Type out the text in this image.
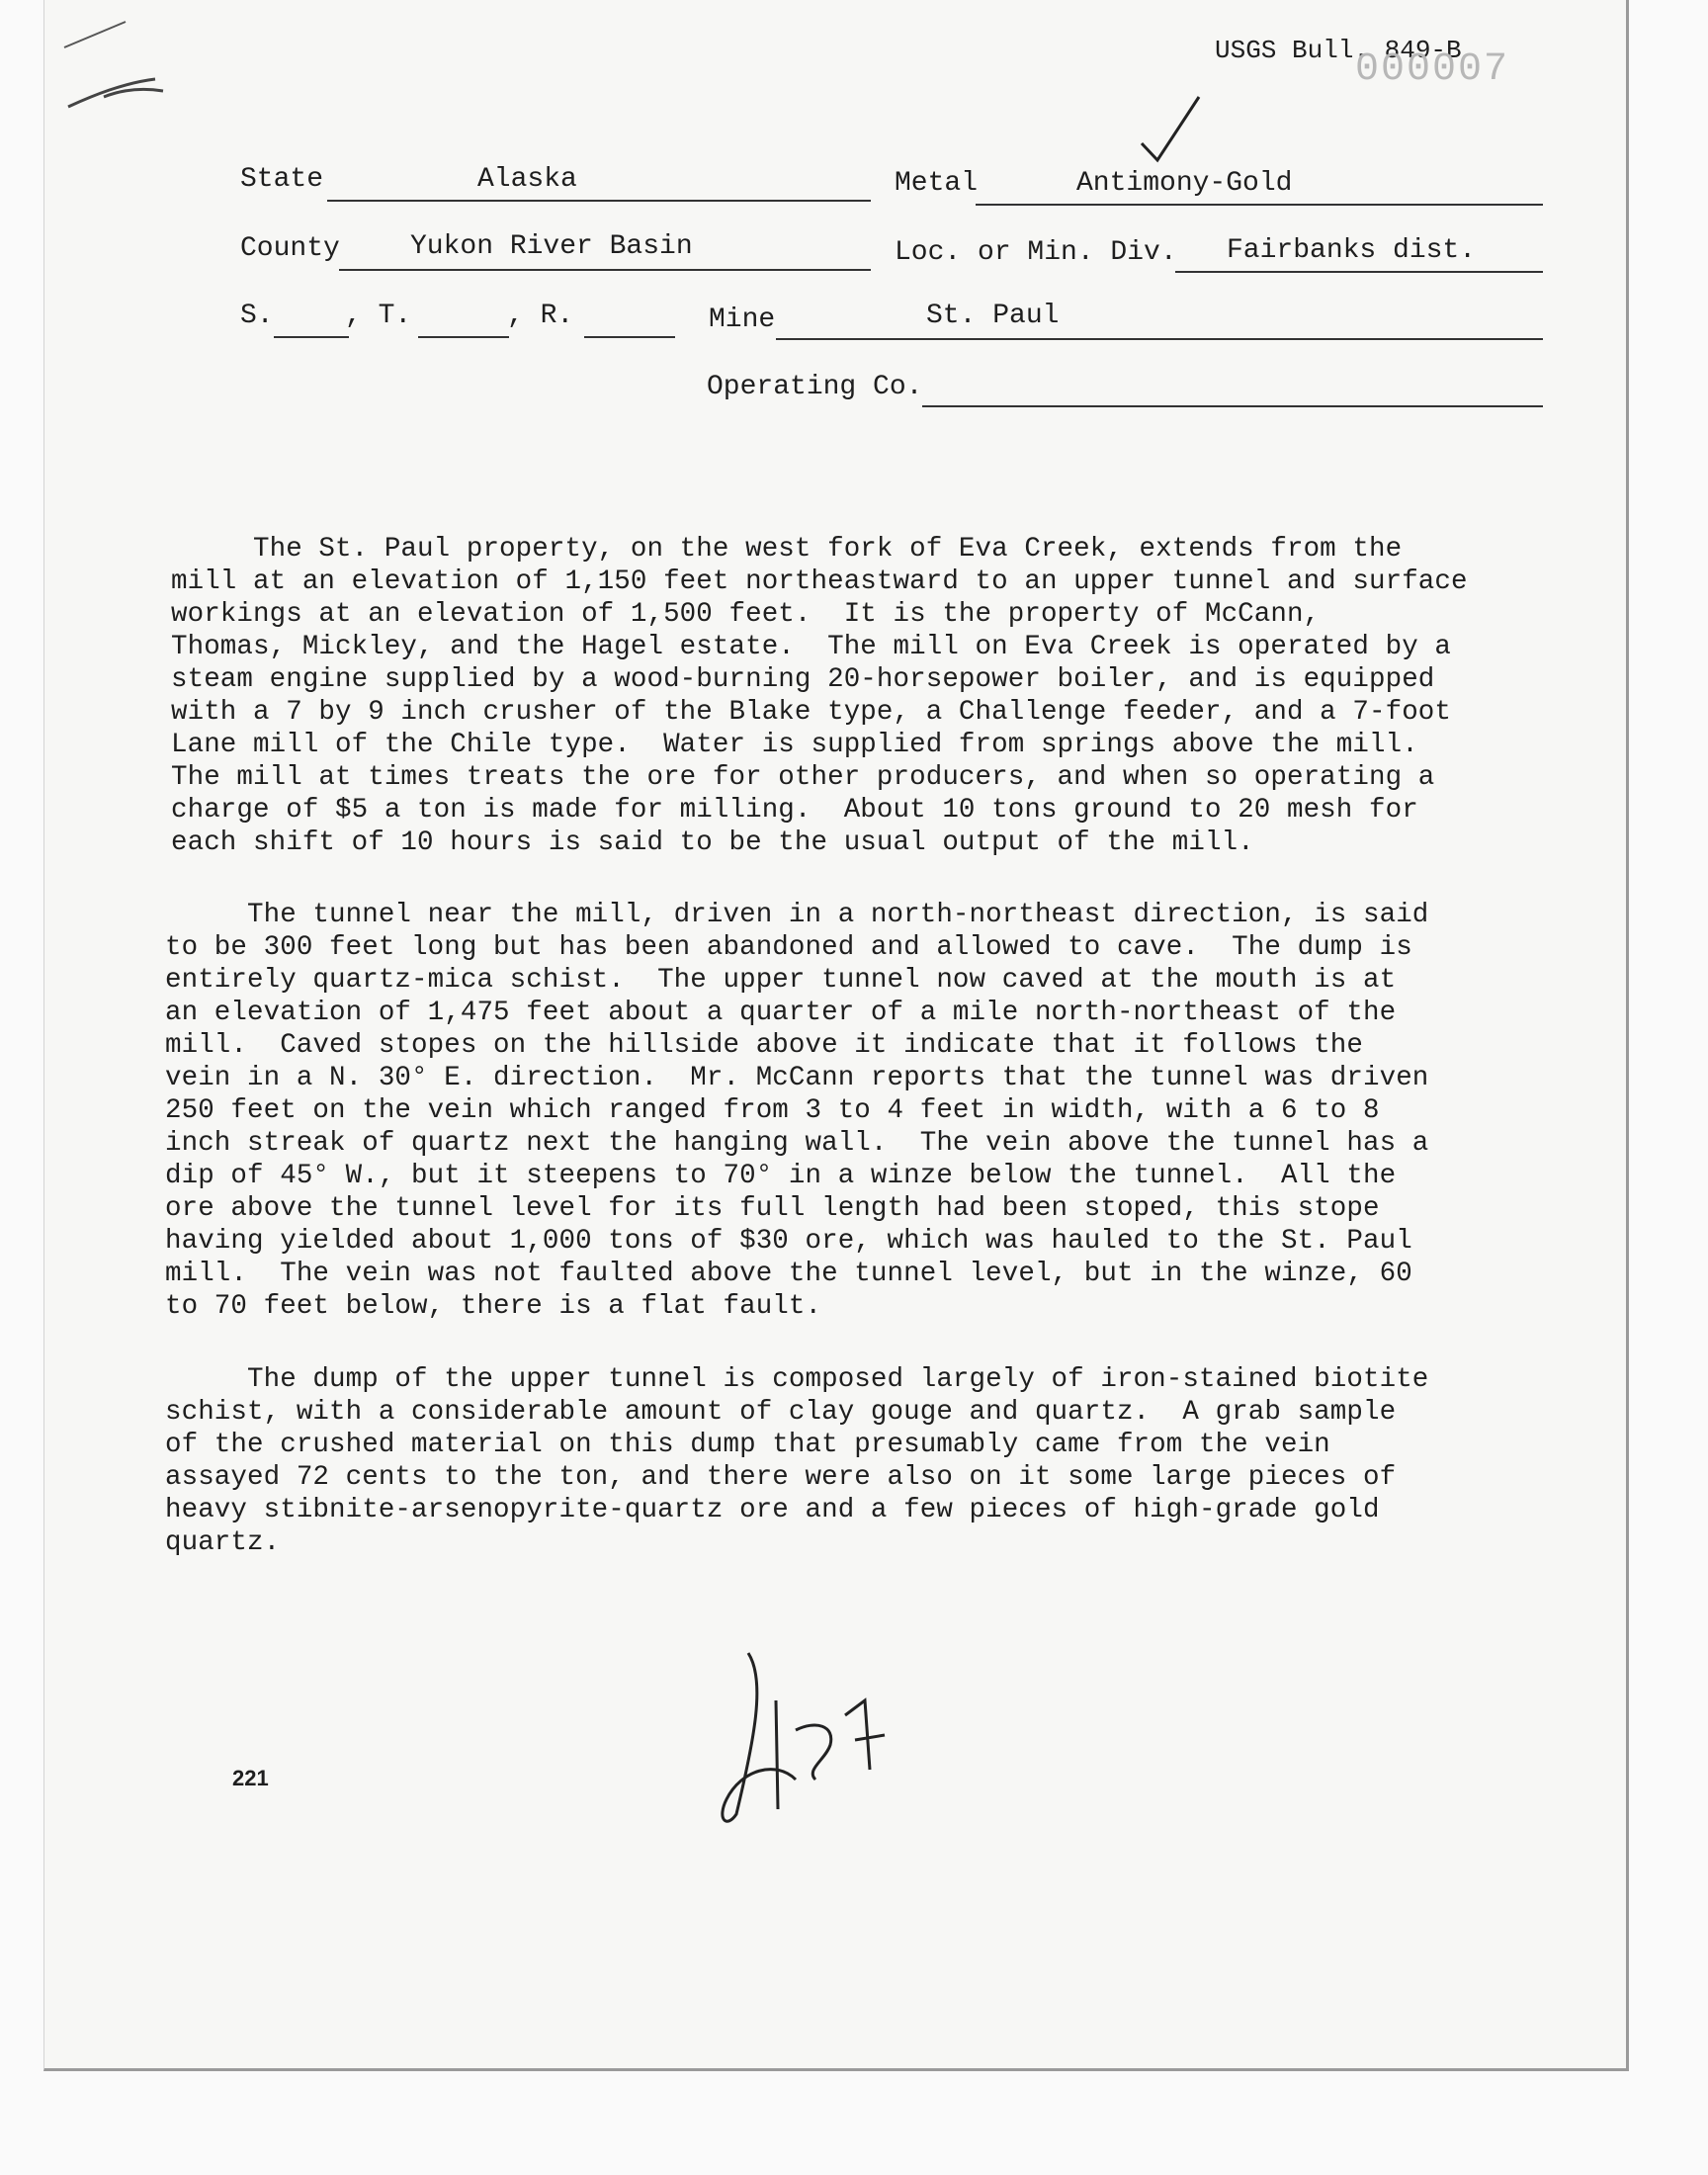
USGS Bull. 849-B
000007
State	Alaska	Metal	Antimony-Gold
County	Yukon River Basin	Loc. or Min. Div. Fairbanks dist.
S.	, T.	, R.	Mine	St. Paul
Operating Co.
The St. Paul property, on the west fork of Eva Creek, extends from the
mill at an elevation of 1,150 feet northeastward to an upper tunnel and surface
workings at an elevation of 1,500 feet.  It is the property of McCann,
Thomas, Mickley, and the Hagel estate.  The mill on Eva Creek is operated by a
steam engine supplied by a wood-burning 20-horsepower boiler, and is equipped
with a 7 by 9 inch crusher of the Blake type, a Challenge feeder, and a 7-foot
Lane mill of the Chile type.  Water is supplied from springs above the mill.
The mill at times treats the ore for other producers, and when so operating a
charge of $5 a ton is made for milling.  About 10 tons ground to 20 mesh for
each shift of 10 hours is said to be the usual output of the mill.
The tunnel near the mill, driven in a north-northeast direction, is said
to be 300 feet long but has been abandoned and allowed to cave.  The dump is
entirely quartz-mica schist.  The upper tunnel now caved at the mouth is at
an elevation of 1,475 feet about a quarter of a mile north-northeast of the
mill.  Caved stopes on the hillside above it indicate that it follows the
vein in a N. 30° E. direction.  Mr. McCann reports that the tunnel was driven
250 feet on the vein which ranged from 3 to 4 feet in width, with a 6 to 8
inch streak of quartz next the hanging wall.  The vein above the tunnel has a
dip of 45° W., but it steepens to 70° in a winze below the tunnel.  All the
ore above the tunnel level for its full length had been stoped, this stope
having yielded about 1,000 tons of $30 ore, which was hauled to the St. Paul
mill.  The vein was not faulted above the tunnel level, but in the winze, 60
to 70 feet below, there is a flat fault.
The dump of the upper tunnel is composed largely of iron-stained biotite
schist, with a considerable amount of clay gouge and quartz.  A grab sample
of the crushed material on this dump that presumably came from the vein
assayed 72 cents to the ton, and there were also on it some large pieces of
heavy stibnite-arsenopyrite-quartz ore and a few pieces of high-grade gold
quartz.
221
